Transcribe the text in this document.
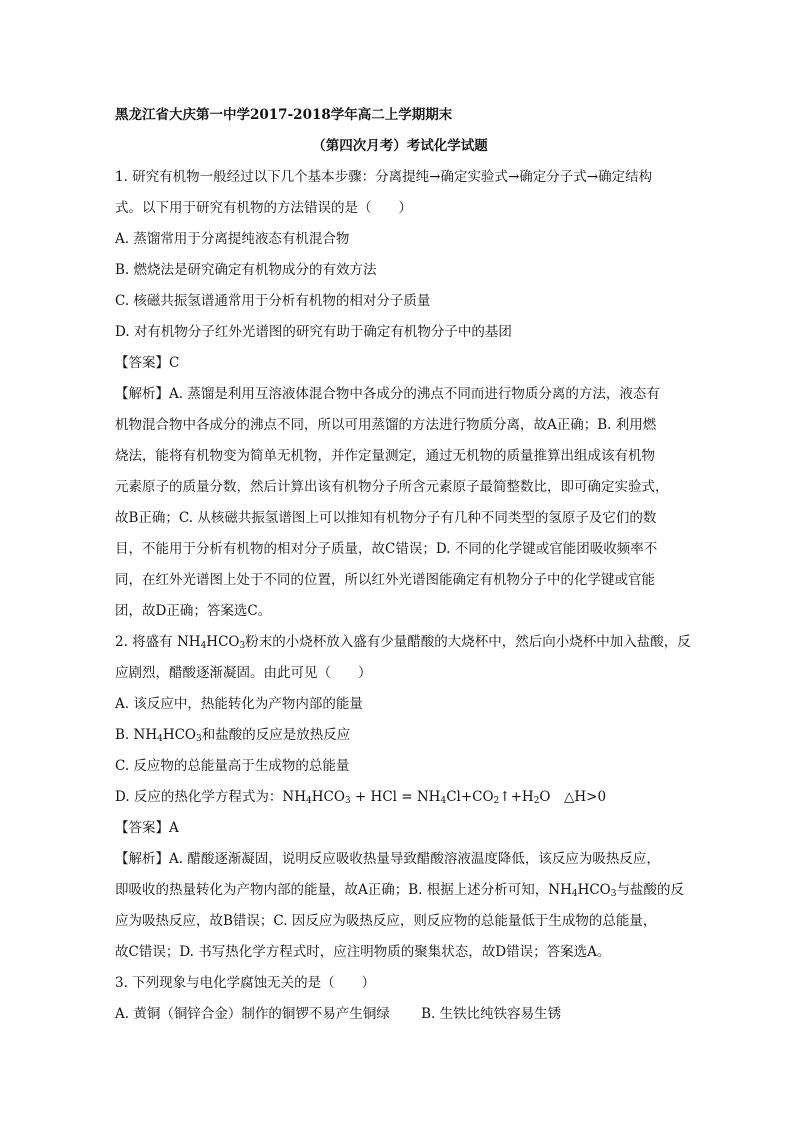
黑龙江省大庆第一中学2017-2018学年高二上学期期末
（第四次月考）考试化学试题
1. 研究有机物一般经过以下几个基本步骤：分离提纯→确定实验式→确定分子式→确定结构
式。以下用于研究有机物的方法错误的是（　　）
A. 蒸馏常用于分离提纯液态有机混合物
B. 燃烧法是研究确定有机物成分的有效方法
C. 核磁共振氢谱通常用于分析有机物的相对分子质量
D. 对有机物分子红外光谱图的研究有助于确定有机物分子中的基团
【答案】C
【解析】A. 蒸馏是利用互溶液体混合物中各成分的沸点不同而进行物质分离的方法，液态有
机物混合物中各成分的沸点不同，所以可用蒸馏的方法进行物质分离，故A正确；B. 利用燃
烧法，能将有机物变为简单无机物，并作定量测定，通过无机物的质量推算出组成该有机物
元素原子的质量分数，然后计算出该有机物分子所含元素原子最简整数比，即可确定实验式，
故B正确；C. 从核磁共振氢谱图上可以推知有机物分子有几种不同类型的氢原子及它们的数
目，不能用于分析有机物的相对分子质量，故C错误；D. 不同的化学键或官能团吸收频率不
同，在红外光谱图上处于不同的位置，所以红外光谱图能确定有机物分子中的化学键或官能
团，故D正确；答案选C。
2. 将盛有 $NH_4HCO_3$粉末的小烧杯放入盛有少量醋酸的大烧杯中，然后向小烧杯中加入盐酸，反
应剧烈，醋酸逐渐凝固。由此可见（　　）
A. 该反应中，热能转化为产物内部的能量
B. $NH_4HCO_3$和盐酸的反应是放热反应
C. 反应物的总能量高于生成物的总能量
D. 反应的热化学方程式为：$NH_4HCO_3$ + HCl = $NH_4Cl+CO_2↑+H_2O$　△H>0
【答案】A
【解析】A. 醋酸逐渐凝固，说明反应吸收热量导致醋酸溶液温度降低，该反应为吸热反应，
即吸收的热量转化为产物内部的能量，故A正确；B. 根据上述分析可知，$NH_4HCO_3$与盐酸的反
应为吸热反应，故B错误；C. 因反应为吸热反应，则反应物的总能量低于生成物的总能量，
故C错误；D. 书写热化学方程式时，应注明物质的聚集状态，故D错误；答案选A。
3. 下列现象与电化学腐蚀无关的是（　　）
A. 黄铜（铜锌合金）制作的铜锣不易产生铜绿　　 B. 生铁比纯铁容易生锈
